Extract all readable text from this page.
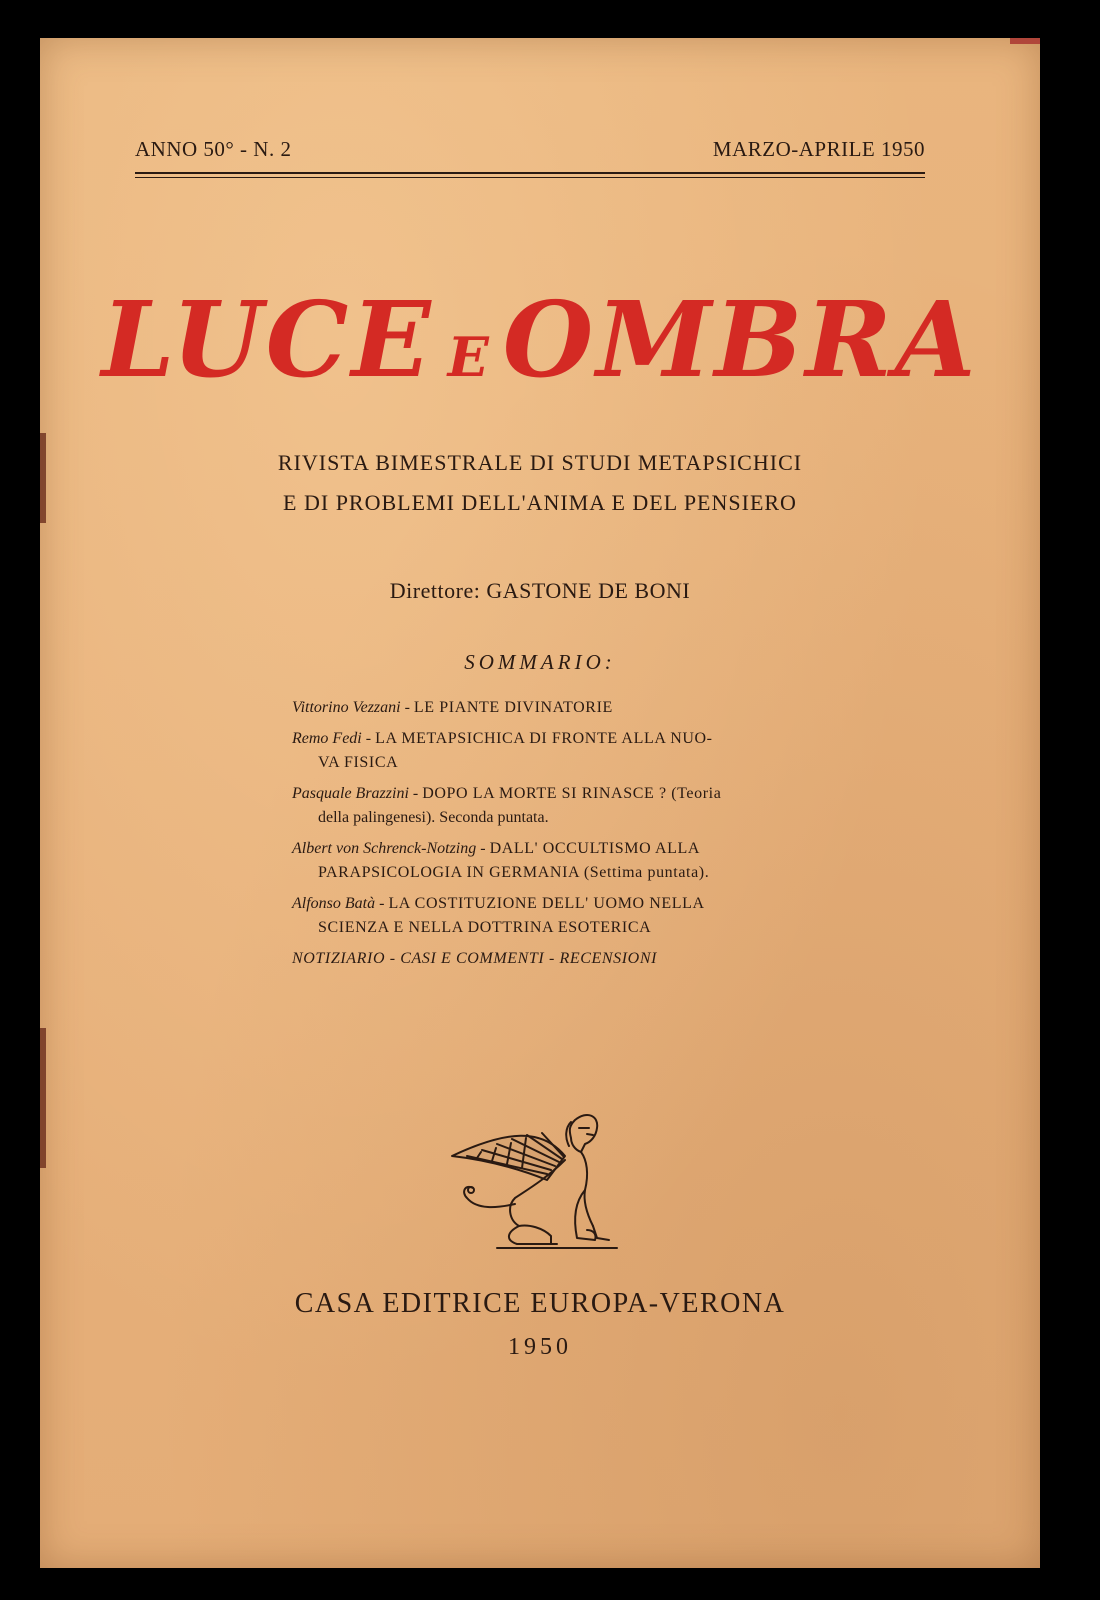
ANNO 50° - N. 2	MARZO-APRILE 1950
LUCE E OMBRA
RIVISTA BIMESTRALE DI STUDI METAPSICHICI
E DI PROBLEMI DELL'ANIMA E DEL PENSIERO
Direttore: GASTONE DE BONI
SOMMARIO:
Vittorino Vezzani - LE PIANTE DIVINATORIE
Remo Fedi - LA METAPSICHICA DI FRONTE ALLA NUO-
VA FISICA
Pasquale Brazzini - DOPO LA MORTE SI RINASCE ? (Teoria
della palingenesi). Seconda puntata.
Albert von Schrenck-Notzing - DALL' OCCULTISMO ALLA
PARAPSICOLOGIA IN GERMANIA (Settima puntata).
Alfonso Batà - LA COSTITUZIONE DELL' UOMO NELLA
SCIENZA E NELLA DOTTRINA ESOTERICA
NOTIZIARIO - CASI E COMMENTI - RECENSIONI
CASA EDITRICE EUROPA-VERONA
1950
